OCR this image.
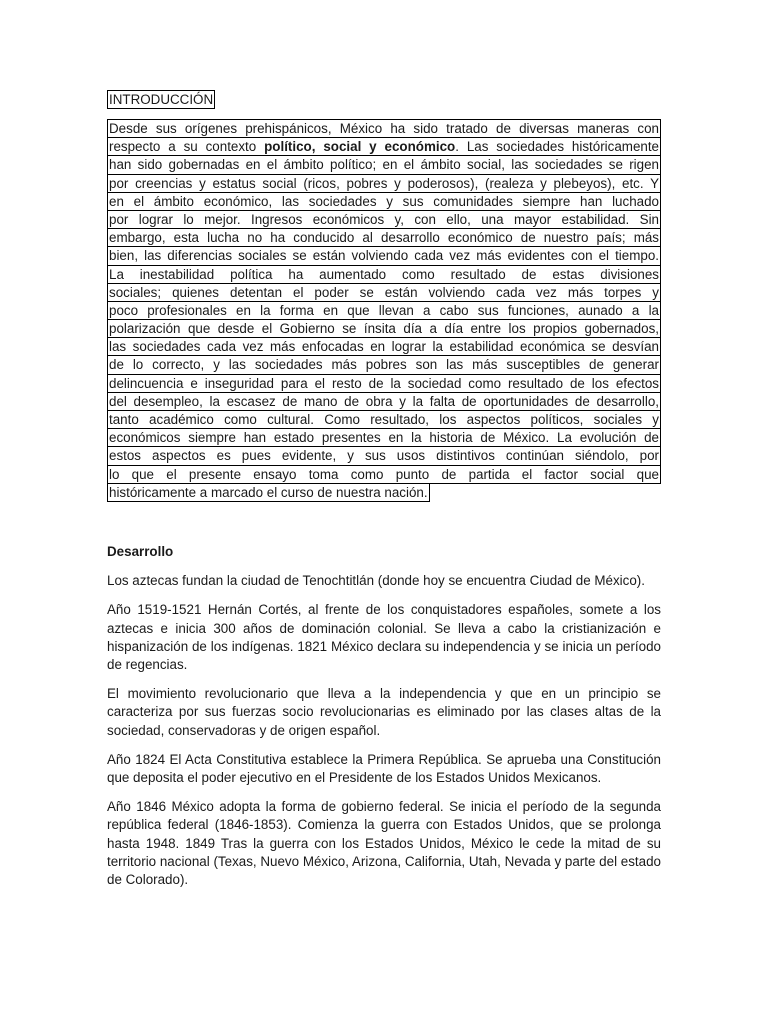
INTRODUCCIÓN
Desde sus orígenes prehispánicos, México ha sido tratado de diversas maneras con
respecto a su contexto político, social y económico. Las sociedades históricamente
han sido gobernadas en el ámbito político; en el ámbito social, las sociedades se rigen
por creencias y estatus social (ricos, pobres y poderosos), (realeza y plebeyos), etc. Y
en el ámbito económico, las sociedades y sus comunidades siempre han luchado
por lograr lo mejor. Ingresos económicos y, con ello, una mayor estabilidad. Sin
embargo, esta lucha no ha conducido al desarrollo económico de nuestro país; más
bien, las diferencias sociales se están volviendo cada vez más evidentes con el tiempo.
La inestabilidad política ha aumentado como resultado de estas divisiones
sociales; quienes detentan el poder se están volviendo cada vez más torpes y
poco profesionales en la forma en que llevan a cabo sus funciones, aunado a la
polarización que desde el Gobierno se ínsita día a día entre los propios gobernados,
las sociedades cada vez más enfocadas en lograr la estabilidad económica se desvían
de lo correcto, y las sociedades más pobres son las más susceptibles de generar
delincuencia e inseguridad para el resto de la sociedad como resultado de los efectos
del desempleo, la escasez de mano de obra y la falta de oportunidades de desarrollo,
tanto académico como cultural. Como resultado, los aspectos políticos, sociales y
económicos siempre han estado presentes en la historia de México. La evolución de
estos aspectos es pues evidente, y sus usos distintivos continúan siéndolo, por
lo que el presente ensayo toma como punto de partida el factor social que
históricamente a marcado el curso de nuestra nación.
Desarrollo

Los aztecas fundan la ciudad de Tenochtitlán (donde hoy se encuentra Ciudad de México).

Año 1519-1521 Hernán Cortés, al frente de los conquistadores españoles, somete a los aztecas e inicia 300 años de dominación colonial. Se lleva a cabo la cristianización e hispanización de los indígenas. 1821 México declara su independencia y se inicia un período de regencias.

El movimiento revolucionario que lleva a la independencia y que en un principio se caracteriza por sus fuerzas socio revolucionarias es eliminado por las clases altas de la sociedad, conservadoras y de origen español.

Año 1824 El Acta Constitutiva establece la Primera República. Se aprueba una Constitución que deposita el poder ejecutivo en el Presidente de los Estados Unidos Mexicanos.

Año 1846 México adopta la forma de gobierno federal. Se inicia el período de la segunda república federal (1846-1853). Comienza la guerra con Estados Unidos, que se prolonga hasta 1948. 1849 Tras la guerra con los Estados Unidos, México le cede la mitad de su territorio nacional (Texas, Nuevo México, Arizona, California, Utah, Nevada y parte del estado de Colorado).
